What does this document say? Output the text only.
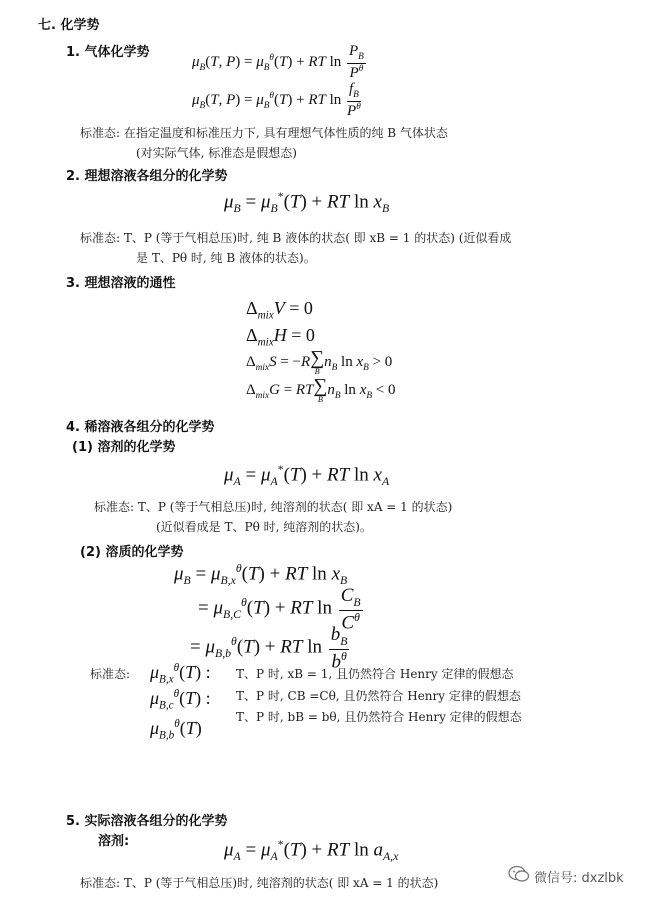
七. 化学势
1. 气体化学势
$\mu_B(T$, $P) = \mu_B^\theta(T)$ + RT $\ln \frac{P_B}{P^\theta}$
$\mu_B(T$, $P) = \mu_B^\theta(T)$ + RT $\ln \frac{f_B}{P^\theta}$
标准态: 在指定温度和标准压力下, 具有理想气体性质的纯 B 气体状态
(对实际气体, 标准态是假想态)
2. 理想溶液各组分的化学势
$\mu_B = \mu_B^*(T)$ + RT $\ln x_B$
标准态: T、P (等于气相总压)时, 纯 B 液体的状态( 即 xB = 1 的状态) (近似看成
是 T、Pθ 时, 纯 B 液体的状态)。
3. 理想溶液的通性
$\Delta_{mix}V = 0$
$\Delta_{mix}H = 0$
$\Delta_{mix}S = -R$ ∑
B
$n_B$ $\ln x_B > 0$
$\Delta_{mix}G$ = RT ∑
B
$n_B$ $\ln x_B < 0$
4. 稀溶液各组分的化学势
(1) 溶剂的化学势
$\mu_A = \mu_A^*(T)$ + RT $\ln x_A$
标准态: T、P (等于气相总压)时, 纯溶剂的状态( 即 xA = 1 的状态)
(近似看成是 T、Pθ 时, 纯溶剂的状态)。
(2) 溶质的化学势
$\mu_B = \mu_{B,x}^\theta(T)$ + RT $\ln x_B$
= $\mu_{B,C}^\theta(T)$ + RT $\ln \frac{C_B}{C^\theta}$
= $\mu_{B,b}^\theta(T)$ + RT $\ln \frac{b_B}{b^\theta}$
标准态: $\mu_{B,x}^\theta(T)$ :
$\mu_{B,c}^\theta(T)$ :
$\mu_{B,b}^\theta(T)$
T、P 时, xB = 1, 且仍然符合 Henry 定律的假想态
T、P 时, CB =Cθ, 且仍然符合 Henry 定律的假想态
T、P 时, bB = bθ, 且仍然符合 Henry 定律的假想态
5. 实际溶液各组分的化学势
溶剂:	$\mu_A = \mu_A^*(T)$ + RT $\ln a_{A,x}$
标准态: T、P (等于气相总压)时, 纯溶剂的状态( 即 xA = 1 的状态)	微信号: dxzlbk
